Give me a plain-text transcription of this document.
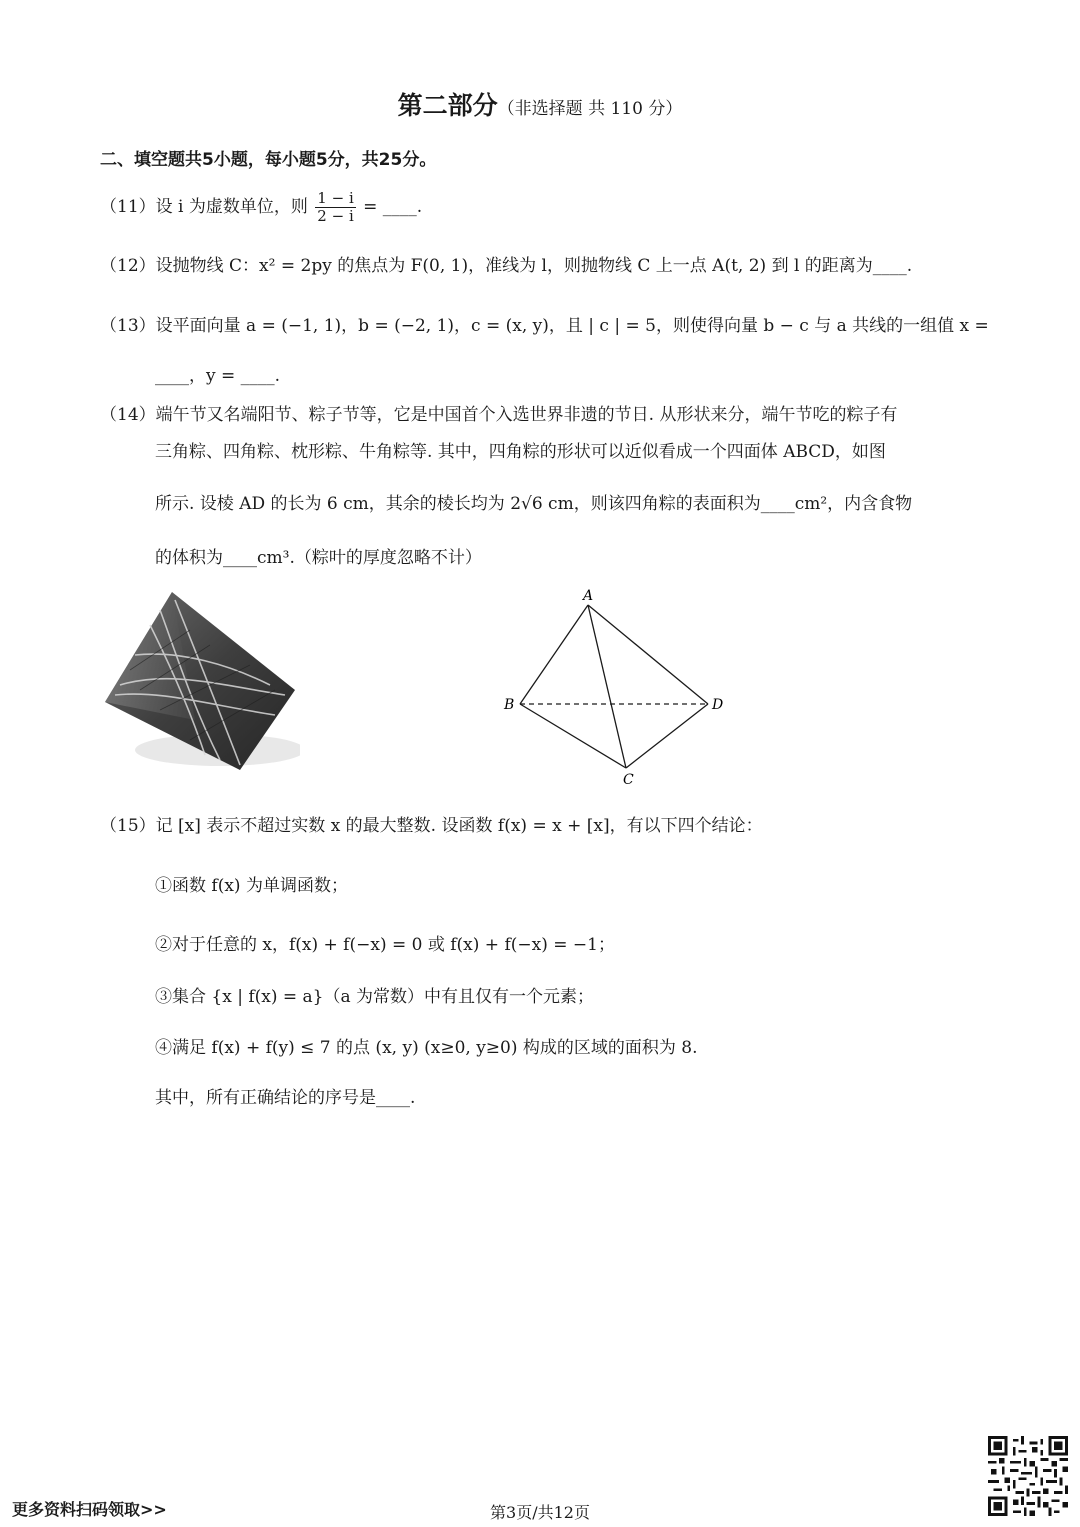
第二部分（非选择题 共 110 分）
二、填空题共5小题，每小题5分，共25分。
（11）设 i 为虚数单位，则 $\frac{1 - i}{2 - i}$ = ____.
（12）设抛物线 C：x² = 2py 的焦点为 F(0, 1)，准线为 l，则抛物线 C 上一点 A(t, 2) 到 l 的距离为____.
（13）设平面向量 a = (−1, 1)，b = (−2, 1)，c = (x, y)，且 | c | = 5，则使得向量 b − c 与 a 共线的一组值 x =
____，y = ____.
（14）端午节又名端阳节、粽子节等，它是中国首个入选世界非遗的节日. 从形状来分，端午节吃的粽子有
三角粽、四角粽、枕形粽、牛角粽等. 其中，四角粽的形状可以近似看成一个四面体 ABCD，如图
所示. 设棱 AD 的长为 6 cm，其余的棱长均为 2√6 cm，则该四角粽的表面积为____cm²，内含食物
的体积为____cm³.（粽叶的厚度忽略不计）
A
B	D
C
（15）记 [x] 表示不超过实数 x 的最大整数. 设函数 f(x) = x + [x]，有以下四个结论：
①函数 f(x) 为单调函数；
②对于任意的 x，f(x) + f(−x) = 0 或 f(x) + f(−x) = −1；
③集合 {x | f(x) = a}（a 为常数）中有且仅有一个元素；
④满足 f(x) + f(y) ≤ 7 的点 (x, y) (x≥0, y≥0) 构成的区域的面积为 8.
其中，所有正确结论的序号是____.
更多资料扫码领取>>	第3页/共12页
